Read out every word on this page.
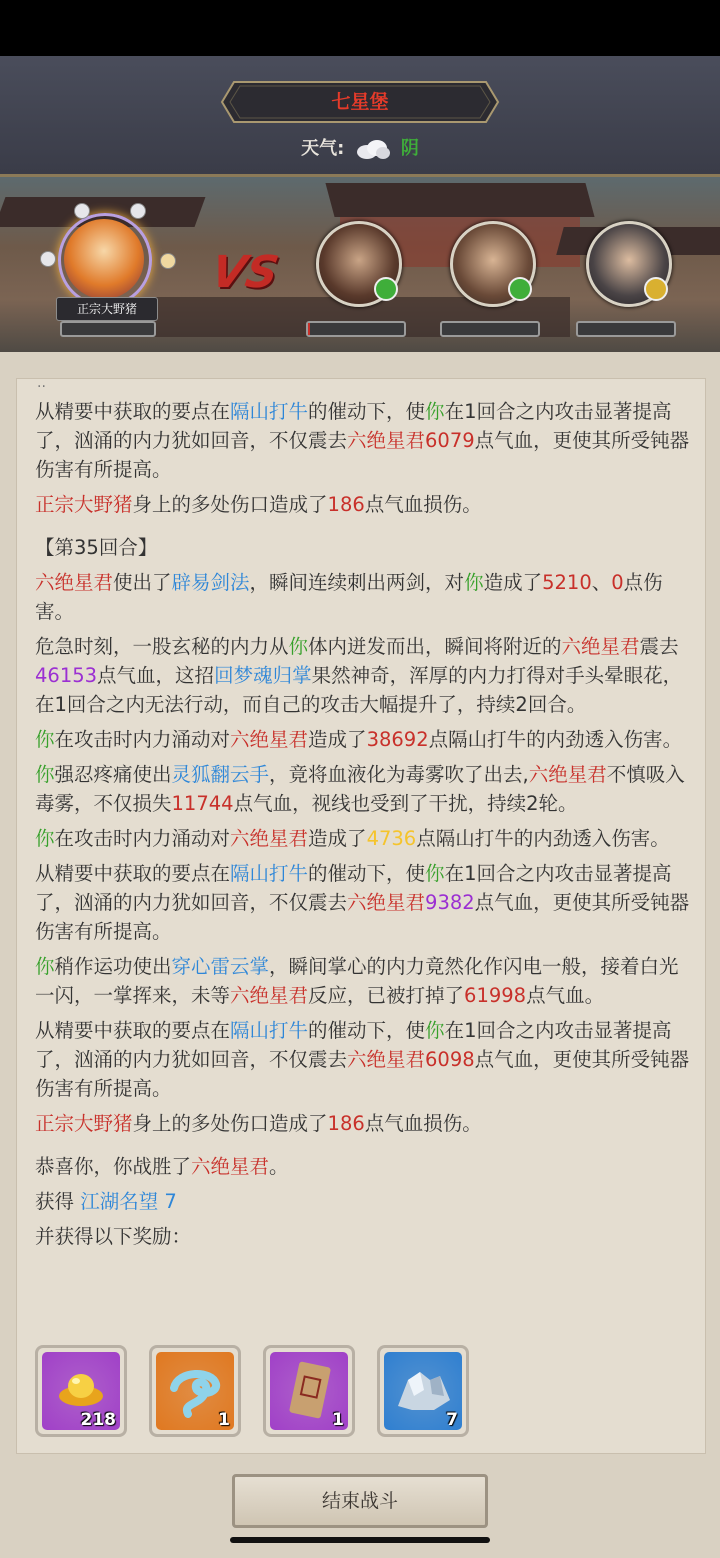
七星堡
天气:	阴
正宗大野猪
VS
··

从精要中获取的要点在隔山打牛的催动下，使你在1回合之内攻击显著提高了，汹涌的内力犹如回音，不仅震去六绝星君6079点气血，更使其所受钝器伤害有所提高。

正宗大野猪身上的多处伤口造成了186点气血损伤。

【第35回合】

六绝星君使出了辟易剑法，瞬间连续刺出两剑，对你造成了5210、0点伤害。

危急时刻，一股玄秘的内力从你体内迸发而出，瞬间将附近的六绝星君震去46153点气血，这招回梦魂归掌果然神奇，浑厚的内力打得对手头晕眼花，在1回合之内无法行动，而自己的攻击大幅提升了，持续2回合。

你在攻击时内力涌动对六绝星君造成了38692点隔山打牛的内劲透入伤害。

你强忍疼痛使出灵狐翻云手，竟将血液化为毒雾吹了出去,六绝星君不慎吸入毒雾，不仅损失11744点气血，视线也受到了干扰，持续2轮。

你在攻击时内力涌动对六绝星君造成了4736点隔山打牛的内劲透入伤害。

从精要中获取的要点在隔山打牛的催动下，使你在1回合之内攻击显著提高了，汹涌的内力犹如回音，不仅震去六绝星君9382点气血，更使其所受钝器伤害有所提高。

你稍作运功使出穿心雷云掌，瞬间掌心的内力竟然化作闪电一般，接着白光一闪，一掌挥来，未等六绝星君反应，已被打掉了61998点气血。

从精要中获取的要点在隔山打牛的催动下，使你在1回合之内攻击显著提高了，汹涌的内力犹如回音，不仅震去六绝星君6098点气血，更使其所受钝器伤害有所提高。

正宗大野猪身上的多处伤口造成了186点气血损伤。

恭喜你，你战胜了六绝星君。

获得 江湖名望 7

并获得以下奖励：

218	1	1	7
结束战斗
